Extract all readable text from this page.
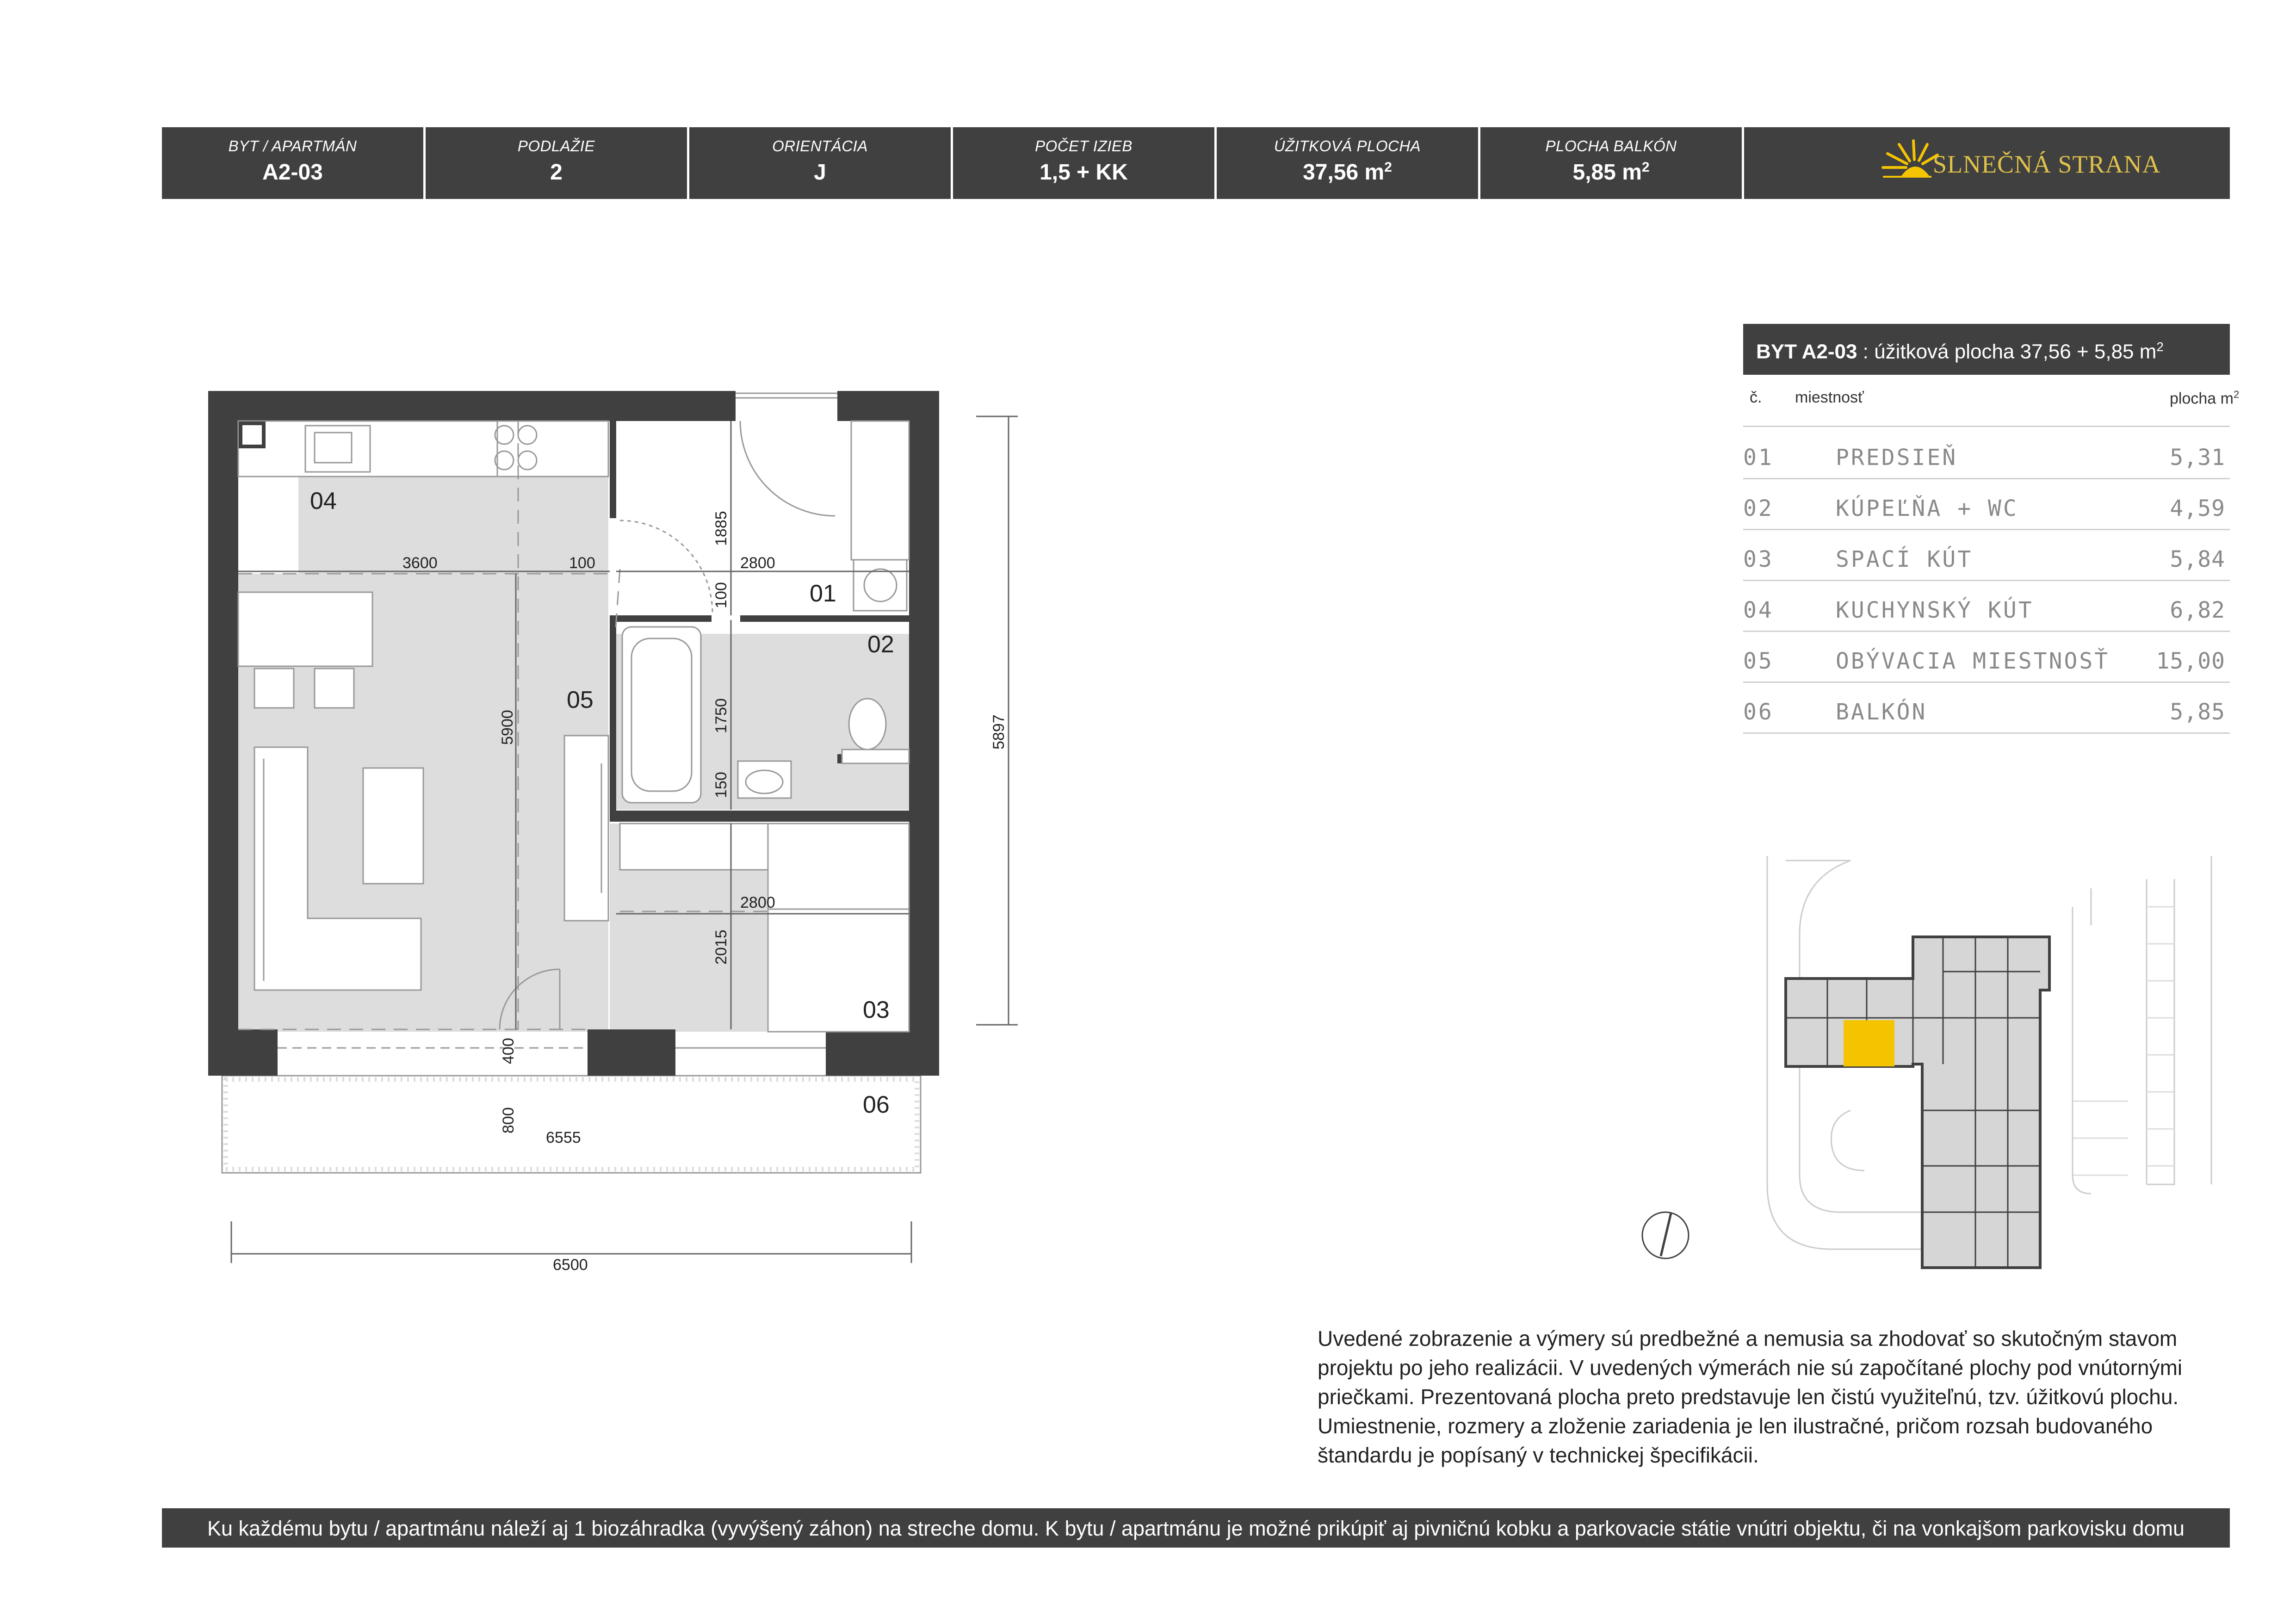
BYT / APARTMÁN
A2-03
PODLAŽIE
2
ORIENTÁCIA
J
POČET IZIEB
1,5 + KK
ÚŽITKOVÁ PLOCHA
37,56 $m^2$
PLOCHA BALKÓN
5,85 $m^2$	SLNEČNÁ STRANA
BYT A2-03 : úžitková plocha 37,56 + 5,85 $m^2$
č. miestnosť	plocha $m^2$
01	PREDSIEŇ	5,31
02	KÚPEĽŇA + WC	4,59
03	SPACÍ KÚT	5,84
04	KUCHYNSKÝ KÚT	6,82
05	OBÝVACIA MIESTNOSŤ 15,00
06	BALKÓN	5,85
04
05
01
02
03
06
3600	100	2800
1885
100
1750
150
5900
2800
2015
400
800
6555
6500
5897
Uvedené zobrazenie a výmery sú predbežné a nemusia sa zhodovať so skutočným stavom projektu po jeho realizácii. V uvedených výmerách nie sú započítané plochy pod vnútornými priečkami. Prezentovaná plocha preto predstavuje len čistú využiteľnú, tzv. úžitkovú plochu. Umiestnenie, rozmery a zloženie zariadenia je len ilustračné, pričom rozsah budovaného štandardu je popísaný v technickej špecifikácii.
Ku každému bytu / apartmánu náleží aj 1 biozáhradka (vyvýšený záhon) na streche domu. K bytu / apartmánu je možné prikúpiť aj pivničnú kobku a parkovacie státie vnútri objektu, či na vonkajšom parkovisku domu
